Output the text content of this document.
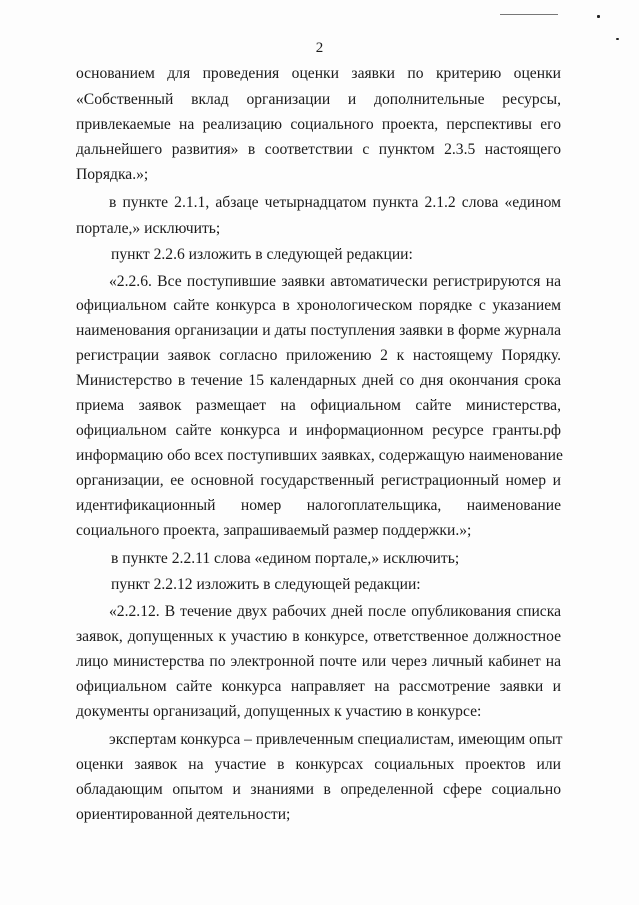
2
основанием для проведения оценки заявки по критерию оценки
«Собственный вклад организации и дополнительные ресурсы,
привлекаемые на реализацию социального проекта, перспективы его
дальнейшего развития» в соответствии с пунктом 2.3.5 настоящего
Порядка.»;
в пункте 2.1.1, абзаце четырнадцатом пункта 2.1.2 слова «едином
портале,» исключить;
пункт 2.2.6 изложить в следующей редакции:
«2.2.6. Все поступившие заявки автоматически регистрируются на
официальном сайте конкурса в хронологическом порядке с указанием
наименования организации и даты поступления заявки в форме журнала
регистрации заявок согласно приложению 2 к настоящему Порядку.
Министерство в течение 15 календарных дней со дня окончания срока
приема заявок размещает на официальном сайте министерства,
официальном сайте конкурса и информационном ресурсе гранты.рф
информацию обо всех поступивших заявках, содержащую наименование
организации, ее основной государственный регистрационный номер и
идентификационный номер налогоплательщика, наименование
социального проекта, запрашиваемый размер поддержки.»;
в пункте 2.2.11 слова «едином портале,» исключить;
пункт 2.2.12 изложить в следующей редакции:
«2.2.12. В течение двух рабочих дней после опубликования списка
заявок, допущенных к участию в конкурсе, ответственное должностное
лицо министерства по электронной почте или через личный кабинет на
официальном сайте конкурса направляет на рассмотрение заявки и
документы организаций, допущенных к участию в конкурсе:
экспертам конкурса – привлеченным специалистам, имеющим опыт
оценки заявок на участие в конкурсах социальных проектов или
обладающим опытом и знаниями в определенной сфере социально
ориентированной деятельности;
